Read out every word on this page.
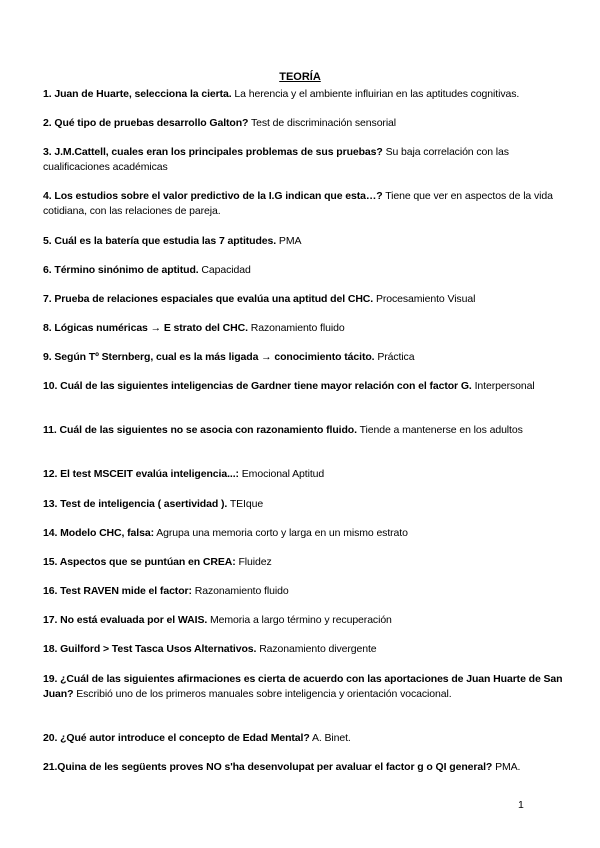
TEORÍA
1. Juan de Huarte, selecciona la cierta. La herencia y el ambiente influirian en las aptitudes cognitivas.
2. Qué tipo de pruebas desarrollo Galton? Test de discriminación sensorial
3. J.M.Cattell, cuales eran los principales problemas de sus pruebas? Su baja correlación con las cualificaciones académicas
4. Los estudios sobre el valor predictivo de la I.G indican que esta…? Tiene que ver en aspectos de la vida cotidiana, con las relaciones de pareja.
5. Cuál es la batería que estudia las 7 aptitudes. PMA
6. Término sinónimo de aptitud. Capacidad
7. Prueba de relaciones espaciales que evalúa una aptitud del CHC. Procesamiento Visual
8. Lógicas numéricas → E strato del CHC. Razonamiento fluido
9. Según Tº Sternberg, cual es la más ligada → conocimiento tácito. Práctica
10. Cuál de las siguientes inteligencias de Gardner tiene mayor relación con el factor G. Interpersonal
11. Cuál de las siguientes no se asocia con razonamiento fluido. Tiende a mantenerse en los adultos
12. El test MSCEIT evalúa inteligencia...: Emocional Aptitud
13. Test de inteligencia ( asertividad ). TEIque
14. Modelo CHC, falsa: Agrupa una memoria corto y larga en un mismo estrato
15. Aspectos que se puntúan en CREA: Fluidez
16. Test RAVEN mide el factor: Razonamiento fluido
17. No está evaluada por el WAIS. Memoria a largo término y recuperación
18. Guilford > Test Tasca Usos Alternativos. Razonamiento divergente
19. ¿Cuál de las siguientes afirmaciones es cierta de acuerdo con las aportaciones de Juan Huarte de San Juan? Escribió uno de los primeros manuales sobre inteligencia y orientación vocacional.
20. ¿Qué autor introduce el concepto de Edad Mental? A. Binet.
21.Quina de les següents proves NO s'ha desenvolupat per avaluar el factor g o QI general? PMA.
1
